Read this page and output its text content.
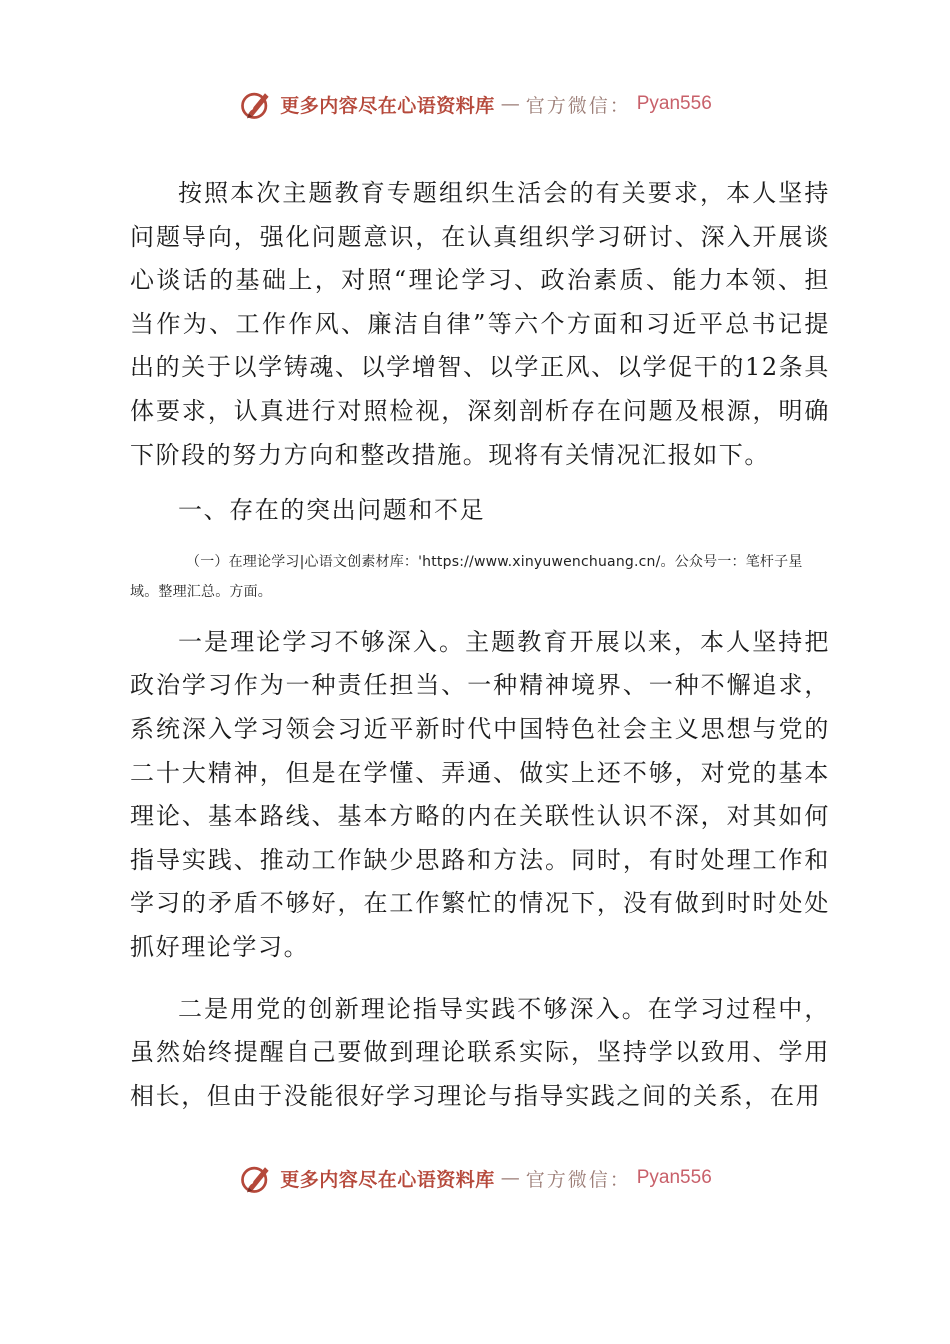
更多内容尽在心语资料库 — 官方微信： Pyan556

按照本次主题教育专题组织生活会的有关要求，本人坚持问题导向，强化问题意识，在认真组织学习研讨、深入开展谈心谈话的基础上，对照“理论学习、政治素质、能力本领、担当作为、工作作风、廉洁自律”等六个方面和习近平总书记提出的关于以学铸魂、以学增智、以学正风、以学促干的12条具体要求，认真进行对照检视，深刻剖析存在问题及根源，明确下阶段的努力方向和整改措施。现将有关情况汇报如下。

一、存在的突出问题和不足

（一）在理论学习|心语文创素材库：'https://www.xinyuwenchuang.cn/。公众号一：笔杆子星域。整理汇总。方面。

一是理论学习不够深入。主题教育开展以来，本人坚持把政治学习作为一种责任担当、一种精神境界、一种不懈追求，系统深入学习领会习近平新时代中国特色社会主义思想与党的二十大精神，但是在学懂、弄通、做实上还不够，对党的基本理论、基本路线、基本方略的内在关联性认识不深，对其如何指导实践、推动工作缺少思路和方法。同时，有时处理工作和学习的矛盾不够好，在工作繁忙的情况下，没有做到时时处处抓好理论学习。

二是用党的创新理论指导实践不够深入。在学习过程中，虽然始终提醒自己要做到理论联系实际，坚持学以致用、学用相长，但由于没能很好学习理论与指导实践之间的关系，在用

更多内容尽在心语资料库 — 官方微信： Pyan556
